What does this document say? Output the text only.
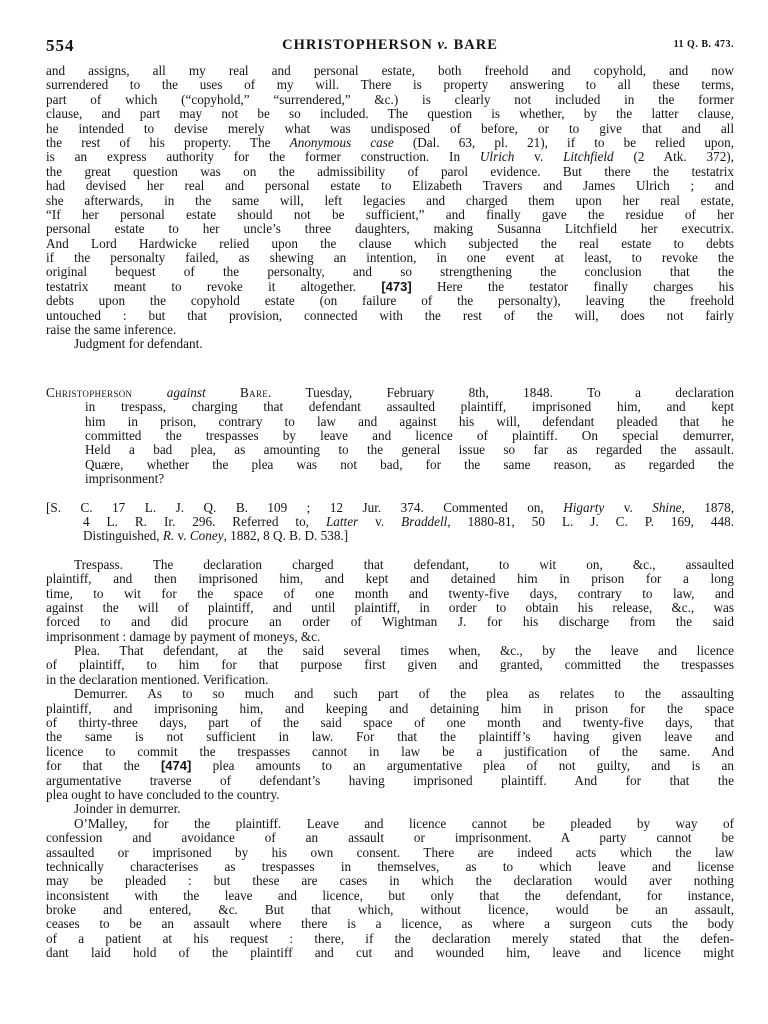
554	CHRISTOPHERSON v. BARE	11 Q. B. 473.
and assigns, all my real and personal estate, both freehold and copyhold, and now
surrendered to the uses of my will. There is property answering to all these terms,
part of which (“copyhold,” “surrendered,” &c.) is clearly not included in the former
clause, and part may not be so included. The question is whether, by the latter clause,
he intended to devise merely what was undisposed of before, or to give that and all
the rest of his property. The Anonymous case (Dal. 63, pl. 21), if to be relied upon,
is an express authority for the former construction. In Ulrich v. Litchfield (2 Atk. 372),
the great question was on the admissibility of parol evidence. But there the testatrix
had devised her real and personal estate to Elizabeth Travers and James Ulrich ; and
she afterwards, in the same will, left legacies and charged them upon her real estate,
“If her personal estate should not be sufficient,” and finally gave the residue of her
personal estate to her uncle’s three daughters, making Susanna Litchfield her executrix.
And Lord Hardwicke relied upon the clause which subjected the real estate to debts
if the personalty failed, as shewing an intention, in one event at least, to revoke the
original bequest of the personalty, and so strengthening the conclusion that the
testatrix meant to revoke it altogether. [473] Here the testator finally charges his
debts upon the copyhold estate (on failure of the personalty), leaving the freehold
untouched : but that provision, connected with the rest of the will, does not fairly
raise the same inference.
Judgment for defendant.
Christopherson	against	Bare. Tuesday, February 8th, 1848. To a declaration
in trespass, charging that defendant assaulted plaintiff, imprisoned him, and kept
him in prison, contrary to law and against his will, defendant pleaded that he
committed the trespasses by leave and licence of plaintiff. On special demurrer,
Held a bad plea, as amounting to the general issue so far as regarded the assault.
Quære, whether the plea was not bad, for the same reason, as regarded the
imprisonment?
[S. C. 17 L. J. Q. B. 109 ; 12 Jur. 374. Commented on, Higarty v. Shine, 1878,
4 L. R. Ir. 296. Referred to, Latter v. Braddell, 1880-81, 50 L. J. C. P. 169, 448.
Distinguished, R. v. Coney, 1882, 8 Q. B. D. 538.]
Trespass. The declaration charged that defendant, to wit on, &c., assaulted
plaintiff, and then imprisoned him, and kept and detained him in prison for a long
time, to wit for the space of one month and twenty-five days, contrary to law, and
against the will of plaintiff, and until plaintiff, in order to obtain his release, &c., was
forced to and did procure an order of Wightman J. for his discharge from the said
imprisonment : damage by payment of moneys, &c.
Plea. That defendant, at the said several times when, &c., by the leave and licence
of plaintiff, to him for that purpose first given and granted, committed the trespasses
in the declaration mentioned. Verification.
Demurrer. As to so much and such part of the plea as relates to the assaulting
plaintiff, and imprisoning him, and keeping and detaining him in prison for the space
of thirty-three days, part of the said space of one month and twenty-five days, that
the same is not sufficient in law. For that the plaintiff’s having given leave and
licence to commit the trespasses cannot in law be a justification of the same. And
for that the [474] plea amounts to an argumentative plea of not guilty, and is an
argumentative traverse of defendant’s having imprisoned plaintiff. And for that the
plea ought to have concluded to the country.
Joinder in demurrer.
O’Malley, for the plaintiff. Leave and licence cannot be pleaded by way of
confession and avoidance of an assault or imprisonment. A party cannot be
assaulted or imprisoned by his own consent. There are indeed acts which the law
technically characterises as trespasses in themselves, as to which leave and license
may be pleaded : but these are cases in which the declaration would aver nothing
inconsistent with the leave and licence, but only that the defendant, for instance,
broke and entered, &c. But that which, without licence, would be an assault,
ceases to be an assault where there is a licence, as where a surgeon cuts the body
of a patient at his request : there, if the declaration merely stated that the defen-
dant laid hold of the plaintiff and cut and wounded him, leave and licence might
